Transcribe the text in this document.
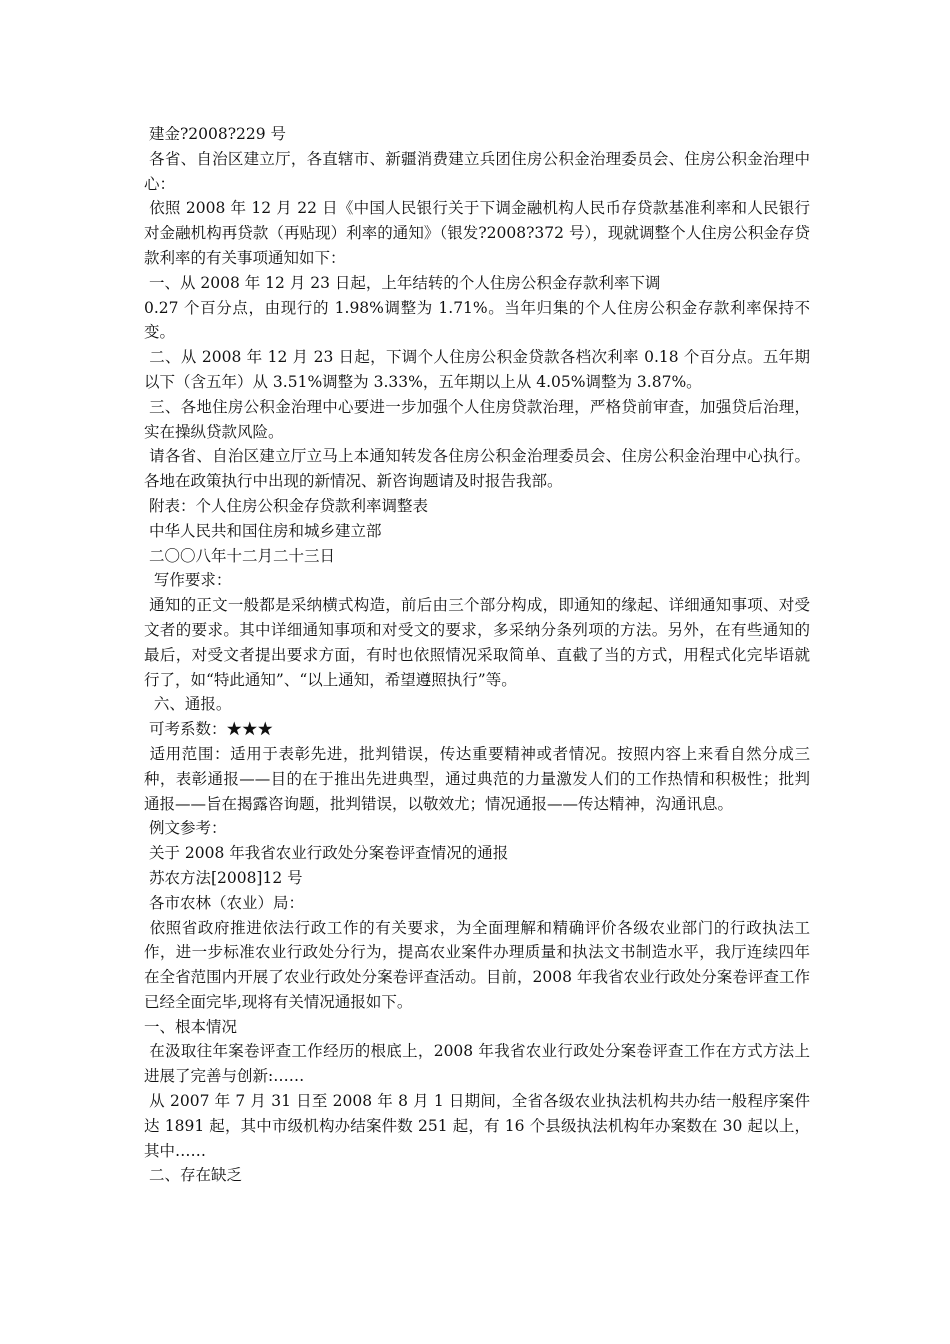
建金?2008?229 号

各省、自治区建立厅，各直辖市、新疆消费建立兵团住房公积金治理委员会、住房公积金治理中心：

依照 2008 年 12 月 22 日《中国人民银行关于下调金融机构人民币存贷款基准利率和人民银行对金融机构再贷款（再贴现）利率的通知》（银发?2008?372 号），现就调整个人住房公积金存贷款利率的有关事项通知如下：

一、从 2008 年 12 月 23 日起，上年结转的个人住房公积金存款利率下调

0.27 个百分点，由现行的 1.98%调整为 1.71%。当年归集的个人住房公积金存款利率保持不变。

二、从 2008 年 12 月 23 日起，下调个人住房公积金贷款各档次利率 0.18 个百分点。五年期以下（含五年）从 3.51%调整为 3.33%，五年期以上从 4.05%调整为 3.87%。

三、各地住房公积金治理中心要进一步加强个人住房贷款治理，严格贷前审查，加强贷后治理，实在操纵贷款风险。

请各省、自治区建立厅立马上本通知转发各住房公积金治理委员会、住房公积金治理中心执行。各地在政策执行中出现的新情况、新咨询题请及时报告我部。

附表：个人住房公积金存贷款利率调整表

中华人民共和国住房和城乡建立部

二〇〇八年十二月二十三日

写作要求：

通知的正文一般都是采纳横式构造，前后由三个部分构成，即通知的缘起、详细通知事项、对受文者的要求。其中详细通知事项和对受文的要求，多采纳分条列项的方法。另外，在有些通知的最后，对受文者提出要求方面，有时也依照情况采取简单、直截了当的方式，用程式化完毕语就行了，如“特此通知”、“以上通知，希望遵照执行”等。

六、通报。

可考系数：★★★

适用范围：适用于表彰先进，批判错误，传达重要精神或者情况。按照内容上来看自然分成三种，表彰通报——目的在于推出先进典型，通过典范的力量激发人们的工作热情和积极性；批判通报——旨在揭露咨询题，批判错误，以敬效尤；情况通报——传达精神，沟通讯息。

例文参考：

关于 2008 年我省农业行政处分案卷评查情况的通报

苏农方法[2008]12 号

各市农林（农业）局：

依照省政府推进依法行政工作的有关要求，为全面理解和精确评价各级农业部门的行政执法工作，进一步标准农业行政处分行为，提高农业案件办理质量和执法文书制造水平，我厅连续四年在全省范围内开展了农业行政处分案卷评查活动。目前，2008 年我省农业行政处分案卷评查工作已经全面完毕,现将有关情况通报如下。

一、根本情况

在汲取往年案卷评查工作经历的根底上，2008 年我省农业行政处分案卷评查工作在方式方法上进展了完善与创新:……

从 2007 年 7 月 31 日至 2008 年 8 月 1 日期间，全省各级农业执法机构共办结一般程序案件达 1891 起，其中市级机构办结案件数 251 起，有 16 个县级执法机构年办案数在 30 起以上，其中……

二、存在缺乏
